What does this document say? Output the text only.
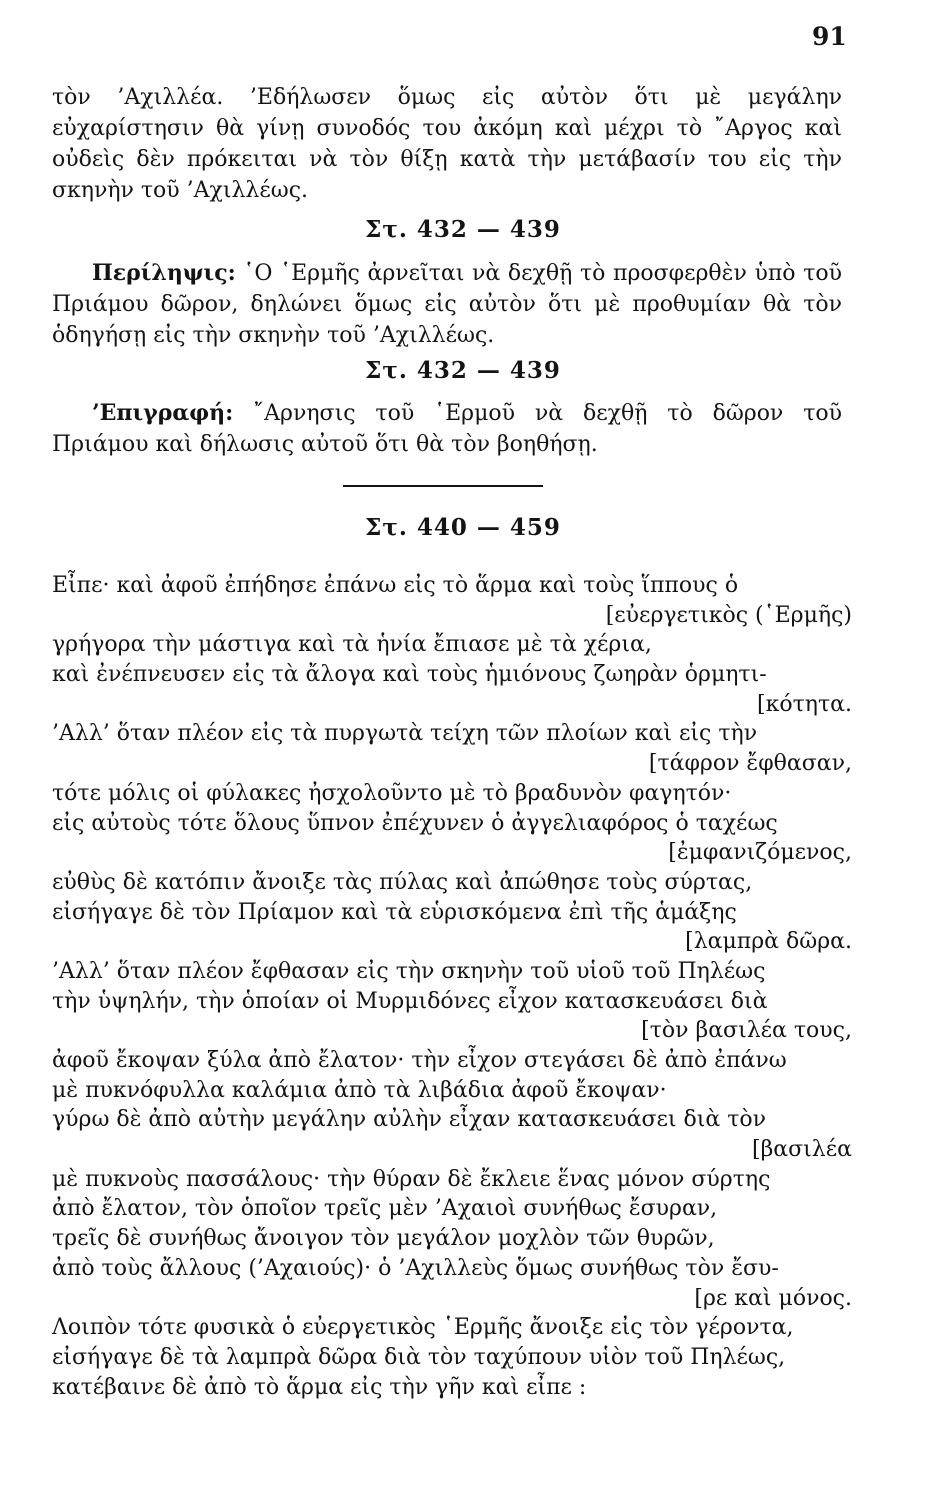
91

τὸν ’Αχιλλέα. ’Εδήλωσεν ὅμως εἰς αὐτὸν ὅτι μὲ μεγάλην εὐχαρίστησιν θὰ γίνῃ συνοδός του ἀκόμη καὶ μέχρι τὸ ῎Αργος καὶ οὐδεὶς δὲν πρόκειται νὰ τὸν θίξῃ κατὰ τὴν μετάβασίν του εἰς τὴν σκηνὴν τοῦ ’Αχιλλέως.

Στ. 432 — 439

Περίληψις: ῾Ο ῾Ερμῆς ἀρνεῖται νὰ δεχθῇ τὸ προσφερθὲν ὑπὸ τοῦ Πριάμου δῶρον, δηλώνει ὅμως εἰς αὐτὸν ὅτι μὲ προθυμίαν θὰ τὸν ὁδηγήσῃ εἰς τὴν σκηνὴν τοῦ ’Αχιλλέως.

Στ. 432 — 439

’Επιγραφή: ῎Αρνησις τοῦ ῾Ερμοῦ νὰ δεχθῇ τὸ δῶρον τοῦ Πριάμου καὶ δήλωσις αὐτοῦ ὅτι θὰ τὸν βοηθήσῃ.

Στ. 440 — 459
Εἶπε· καὶ ἀφοῦ ἐπήδησε ἐπάνω εἰς τὸ ἅρμα καὶ τοὺς ἵππους ὁ
[εὐεργετικὸς (῾Ερμῆς)
γρήγορα τὴν μάστιγα καὶ τὰ ἡνία ἔπιασε μὲ τὰ χέρια,
καὶ ἐνέπνευσεν εἰς τὰ ἄλογα καὶ τοὺς ἡμιόνους ζωηρὰν ὁρμητι-
[κότητα.
’Αλλ’ ὅταν πλέον εἰς τὰ πυργωτὰ τείχη τῶν πλοίων καὶ εἰς τὴν
[τάφρον ἔφθασαν,
τότε μόλις οἱ φύλακες ἠσχολοῦντο μὲ τὸ βραδυνὸν φαγητόν·
εἰς αὐτοὺς τότε ὅλους ὕπνον ἐπέχυνεν ὁ ἀγγελιαφόρος ὁ ταχέως
[ἐμφανιζόμενος,
εὐθὺς δὲ κατόπιν ἄνοιξε τὰς πύλας καὶ ἀπώθησε τοὺς σύρτας,
εἰσήγαγε δὲ τὸν Πρίαμον καὶ τὰ εὑρισκόμενα ἐπὶ τῆς ἁμάξης
[λαμπρὰ δῶρα.
’Αλλ’ ὅταν πλέον ἔφθασαν εἰς τὴν σκηνὴν τοῦ υἱοῦ τοῦ Πηλέως
τὴν ὑψηλήν, τὴν ὁποίαν οἱ Μυρμιδόνες εἶχον κατασκευάσει διὰ
[τὸν βασιλέα τους,
ἀφοῦ ἔκοψαν ξύλα ἀπὸ ἔλατον· τὴν εἶχον στεγάσει δὲ ἀπὸ ἐπάνω
μὲ πυκνόφυλλα καλάμια ἀπὸ τὰ λιβάδια ἀφοῦ ἔκοψαν·
γύρω δὲ ἀπὸ αὐτὴν μεγάλην αὐλὴν εἶχαν κατασκευάσει διὰ τὸν
[βασιλέα
μὲ πυκνοὺς πασσάλους· τὴν θύραν δὲ ἔκλειε ἕνας μόνον σύρτης
ἀπὸ ἔλατον, τὸν ὁποῖον τρεῖς μὲν ’Αχαιοὶ συνήθως ἔσυραν,
τρεῖς δὲ συνήθως ἄνοιγον τὸν μεγάλον μοχλὸν τῶν θυρῶν,
ἀπὸ τοὺς ἄλλους (’Αχαιούς)· ὁ ’Αχιλλεὺς ὅμως συνήθως τὸν ἔσυ-
[ρε καὶ μόνος.
Λοιπὸν τότε φυσικὰ ὁ εὐεργετικὸς ῾Ερμῆς ἄνοιξε εἰς τὸν γέροντα,
εἰσήγαγε δὲ τὰ λαμπρὰ δῶρα διὰ τὸν ταχύπουν υἱὸν τοῦ Πηλέως,
κατέβαινε δὲ ἀπὸ τὸ ἅρμα εἰς τὴν γῆν καὶ εἶπε :
